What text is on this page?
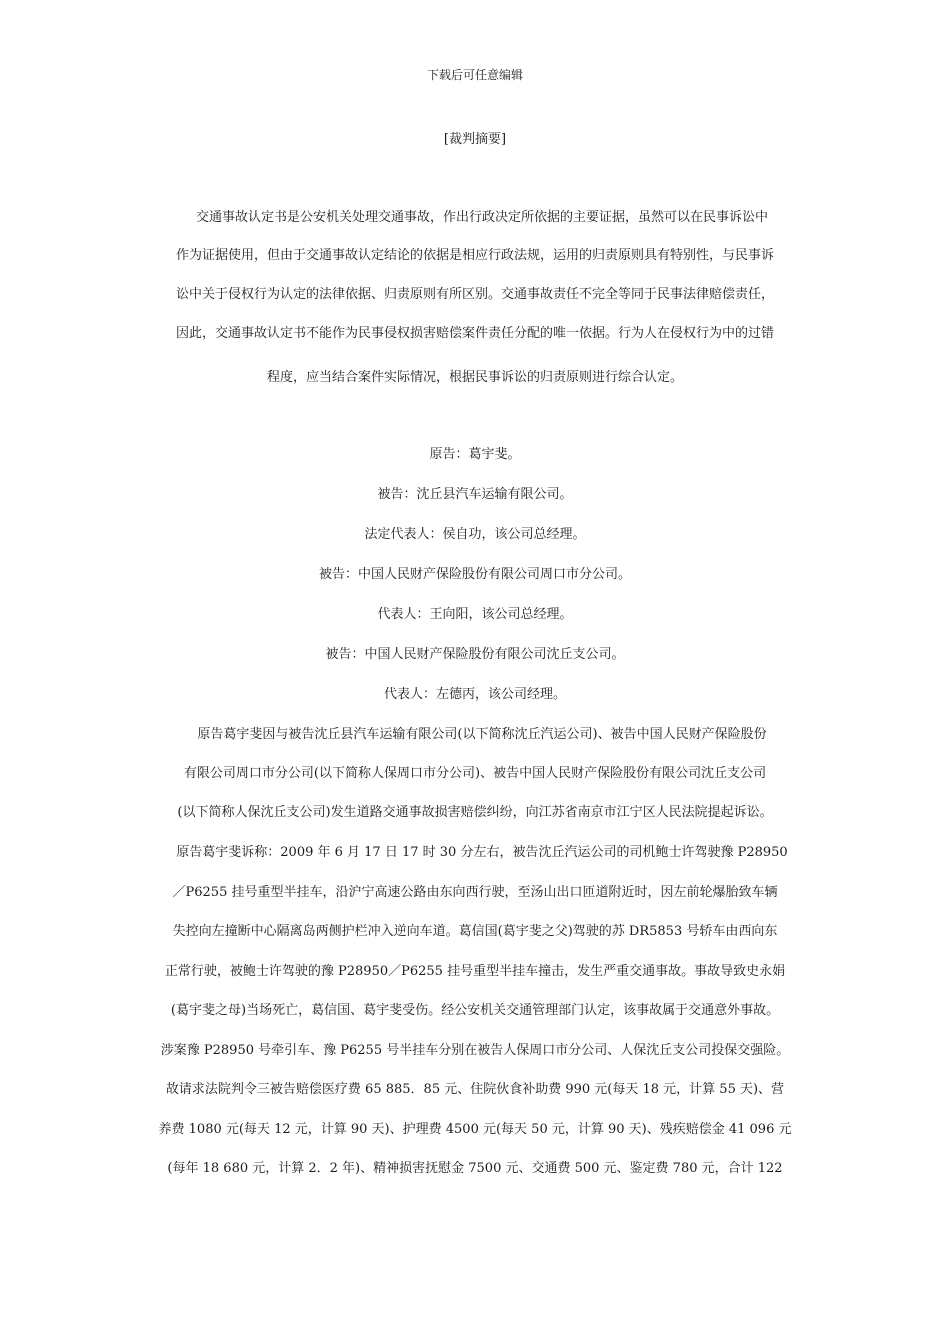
下载后可任意编辑
[裁判摘要]
交通事故认定书是公安机关处理交通事故，作出行政决定所依据的主要证据，虽然可以在民事诉讼中
作为证据使用，但由于交通事故认定结论的依据是相应行政法规，运用的归责原则具有特别性，与民事诉
讼中关于侵权行为认定的法律依据、归责原则有所区别。交通事故责任不完全等同于民事法律赔偿责任，
因此，交通事故认定书不能作为民事侵权损害赔偿案件责任分配的唯一依据。行为人在侵权行为中的过错
程度，应当结合案件实际情况，根据民事诉讼的归责原则进行综合认定。
原告：葛宇斐。
被告：沈丘县汽车运输有限公司。
法定代表人：侯自功，该公司总经理。
被告：中国人民财产保险股份有限公司周口市分公司。
代表人：王向阳，该公司总经理。
被告：中国人民财产保险股份有限公司沈丘支公司。
代表人：左德丙，该公司经理。
原告葛宇斐因与被告沈丘县汽车运输有限公司(以下简称沈丘汽运公司)、被告中国人民财产保险股份
有限公司周口市分公司(以下简称人保周口市分公司)、被告中国人民财产保险股份有限公司沈丘支公司
(以下简称人保沈丘支公司)发生道路交通事故损害赔偿纠纷，向江苏省南京市江宁区人民法院提起诉讼。
原告葛宇斐诉称：2009 年 6 月 17 日 17 时 30 分左右，被告沈丘汽运公司的司机鲍士许驾驶豫 P28950
／P6255 挂号重型半挂车，沿沪宁高速公路由东向西行驶，至汤山出口匝道附近时，因左前轮爆胎致车辆
失控向左撞断中心隔离岛两侧护栏冲入逆向车道。葛信国(葛宇斐之父)驾驶的苏 DR5853 号轿车由西向东
正常行驶，被鲍士许驾驶的豫 P28950／P6255 挂号重型半挂车撞击，发生严重交通事故。事故导致史永娟
(葛宇斐之母)当场死亡，葛信国、葛宇斐受伤。经公安机关交通管理部门认定，该事故属于交通意外事故。
涉案豫 P28950 号牵引车、豫 P6255 号半挂车分别在被告人保周口市分公司、人保沈丘支公司投保交强险。
故请求法院判令三被告赔偿医疗费 65 885．85 元、住院伙食补助费 990 元(每天 18 元，计算 55 天)、营
养费 1080 元(每天 12 元，计算 90 天)、护理费 4500 元(每天 50 元，计算 90 天)、残疾赔偿金 41 096 元
(每年 18 680 元，计算 2．2 年)、精神损害抚慰金 7500 元、交通费 500 元、鉴定费 780 元，合计 122
